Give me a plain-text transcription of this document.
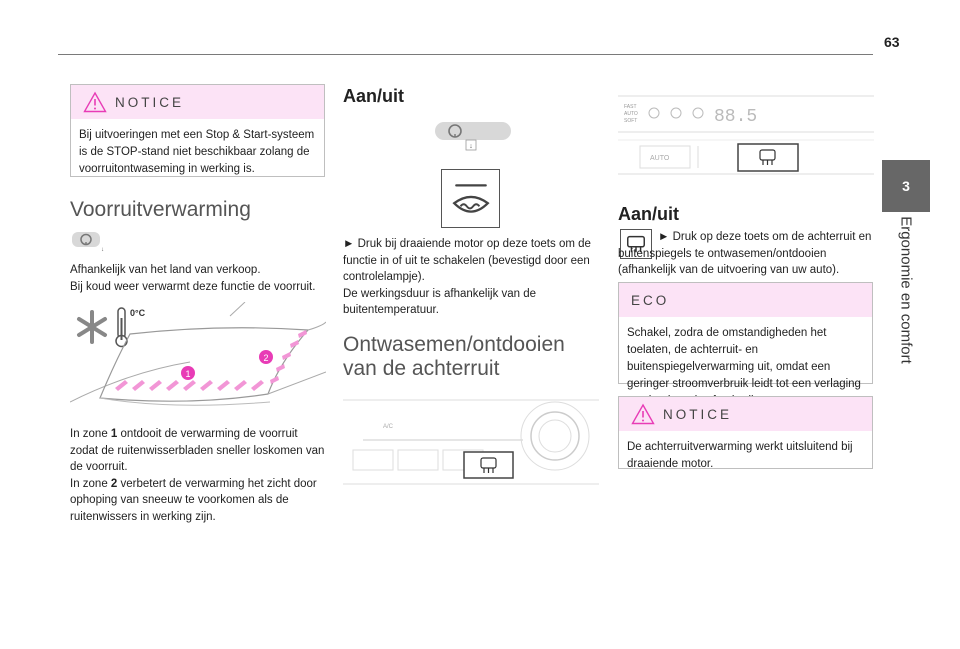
63
3
Ergonomie en comfort
NOTICE
Bij uitvoeringen met een Stop & Start-systeem is de STOP-stand niet beschikbaar zolang de voorruitontwaseming in werking is.
Voorruitverwarming
↓
Afhankelijk van het land van verkoop.
Bij koud weer verwarmt deze functie de voorruit.
0°C
1
2
In zone 1 ontdooit de verwarming de voorruit zodat de ruitenwisserbladen sneller loskomen van de voorruit.
In zone 2 verbetert de verwarming het zicht door ophoping van sneeuw te voorkomen als de ruitenwissers in werking zijn.
Aan/uit
↓
► Druk bij draaiende motor op deze toets om de functie in of uit te schakelen (bevestigd door een controlelampje).
De werkingsduur is afhankelijk van de buitentemperatuur.
Ontwasemen/ontdooien
van de achterruit
A/C
FAST
AUTO
SOFT	88.5
AUTO
Aan/uit
► Druk op deze toets om de achterruit en buitenspiegels te ontwasemen/ontdooien (afhankelijk van de uitvoering van uw auto).
ECO
Schakel, zodra de omstandigheden het toelaten, de achterruit- en buitenspiegelverwarming uit, omdat een geringer stroomverbruik leidt tot een verlaging
NOTICE
De achterruitverwarming werkt uitsluitend bij draaiende motor.
